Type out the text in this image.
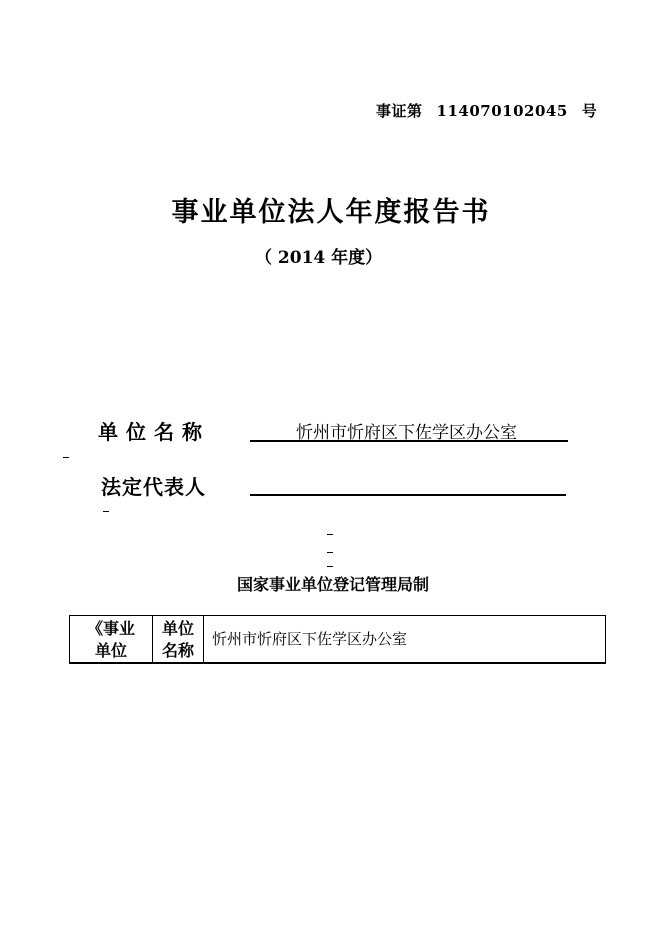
事证第 114070102045 号
事业单位法人年度报告书
（ 2014 年度）
单位名称	忻州市忻府区下佐学区办公室
法定代表人
国家事业单位登记管理局制
《事业
单位
单位
名称
忻州市忻府区下佐学区办公室
